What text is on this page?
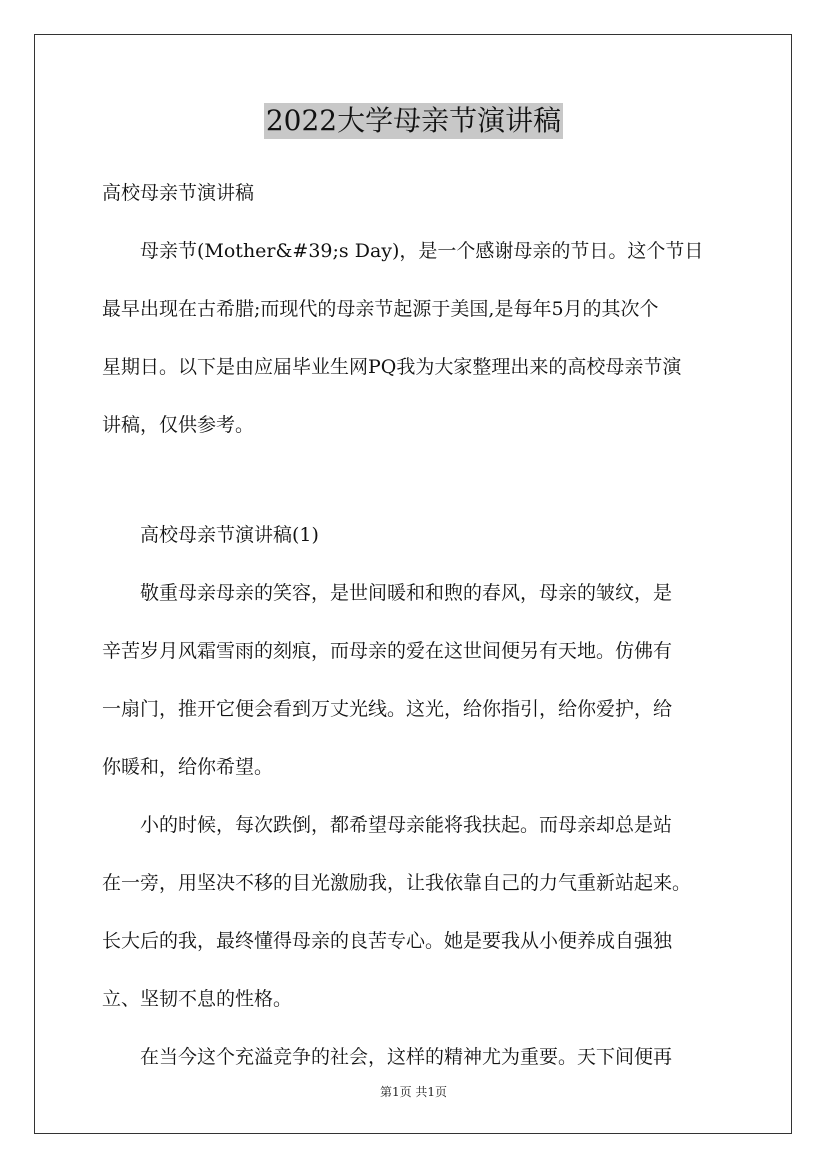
2022大学母亲节演讲稿
高校母亲节演讲稿
母亲节(Mother&#39;s Day)，是一个感谢母亲的节日。这个节日
最早出现在古希腊;而现代的母亲节起源于美国,是每年5月的其次个
星期日。以下是由应届毕业生网PQ我为大家整理出来的高校母亲节演
讲稿，仅供参考。
高校母亲节演讲稿(1)
敬重母亲母亲的笑容，是世间暖和和煦的春风，母亲的皱纹，是
辛苦岁月风霜雪雨的刻痕，而母亲的爱在这世间便另有天地。仿佛有
一扇门，推开它便会看到万丈光线。这光，给你指引，给你爱护，给
你暖和，给你希望。
小的时候，每次跌倒，都希望母亲能将我扶起。而母亲却总是站
在一旁，用坚决不移的目光激励我，让我依靠自己的力气重新站起来。
长大后的我，最终懂得母亲的良苦专心。她是要我从小便养成自强独
立、坚韧不息的性格。
在当今这个充溢竞争的社会，这样的精神尤为重要。天下间便再
第1页 共1页
